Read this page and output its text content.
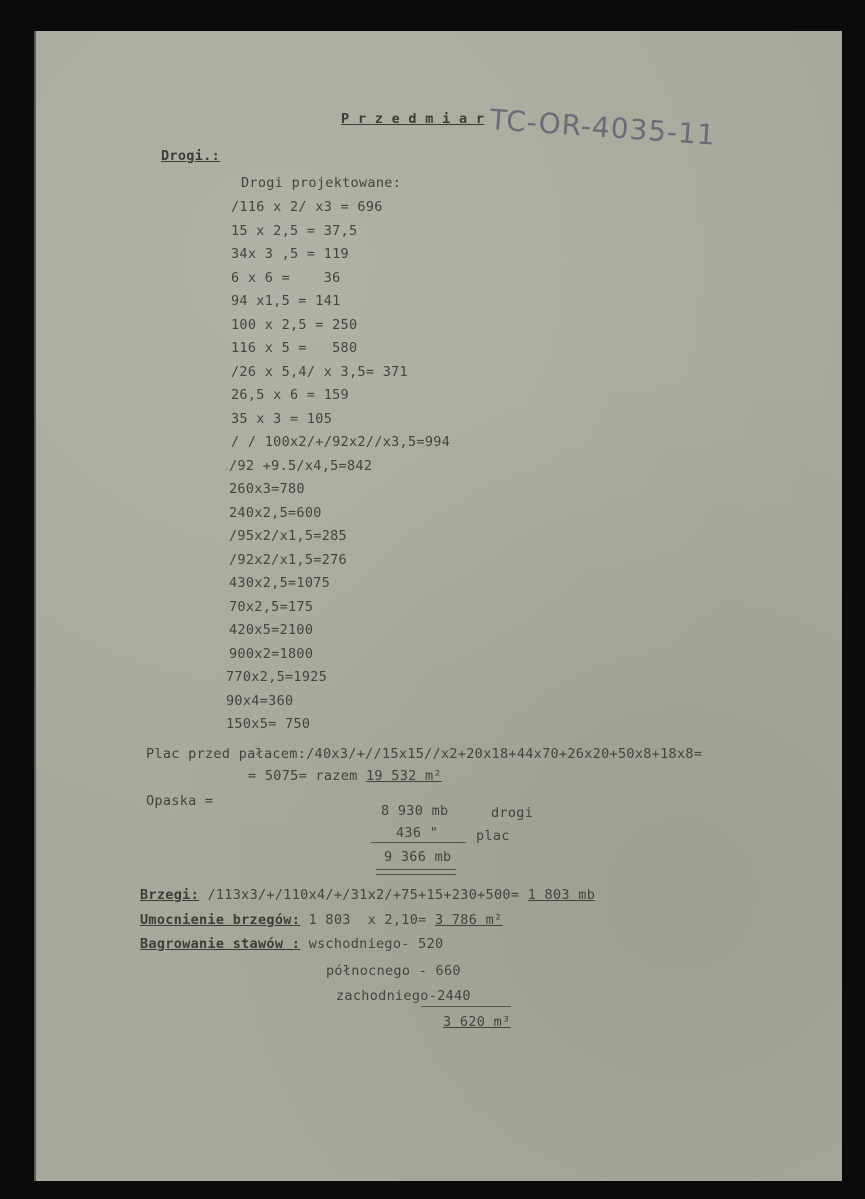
TC-OR-4035-11
P r z e d m i a r
Drogi.:
Drogi projektowane:
/116 x 2/ x3 = 696
15 x 2,5 = 37,5
34x 3 ,5 = 119
6 x 6 =    36
94 x1,5 = 141
100 x 2,5 = 250
116 x 5 =   580
/26 x 5,4/ x 3,5= 371
26,5 x 6 = 159
35 x 3 = 105
/ / 100x2/+/92x2//x3,5=994
/92 +9.5/x4,5=842
260x3=780
240x2,5=600
/95x2/x1,5=285
/92x2/x1,5=276
430x2,5=1075
70x2,5=175
420x5=2100
900x2=1800
770x2,5=1925
90x4=360
150x5= 750
Plac przed pałacem:/40x3/+//15x15//x2+20x18+44x70+26x20+50x8+18x8=
= 5075= razem 19 532 m²
Opaska =
8 930 mb	drogi
436 "	plac
9 366 mb
Brzegi: /113x3/+/110x4/+/31x2/+75+15+230+500= 1 803 mb
Umocnienie brzegów: 1 803  x 2,10= 3 786 m²
Bagrowanie stawów : wschodniego- 520
północnego - 660
zachodniego-2440
3 620 m³
